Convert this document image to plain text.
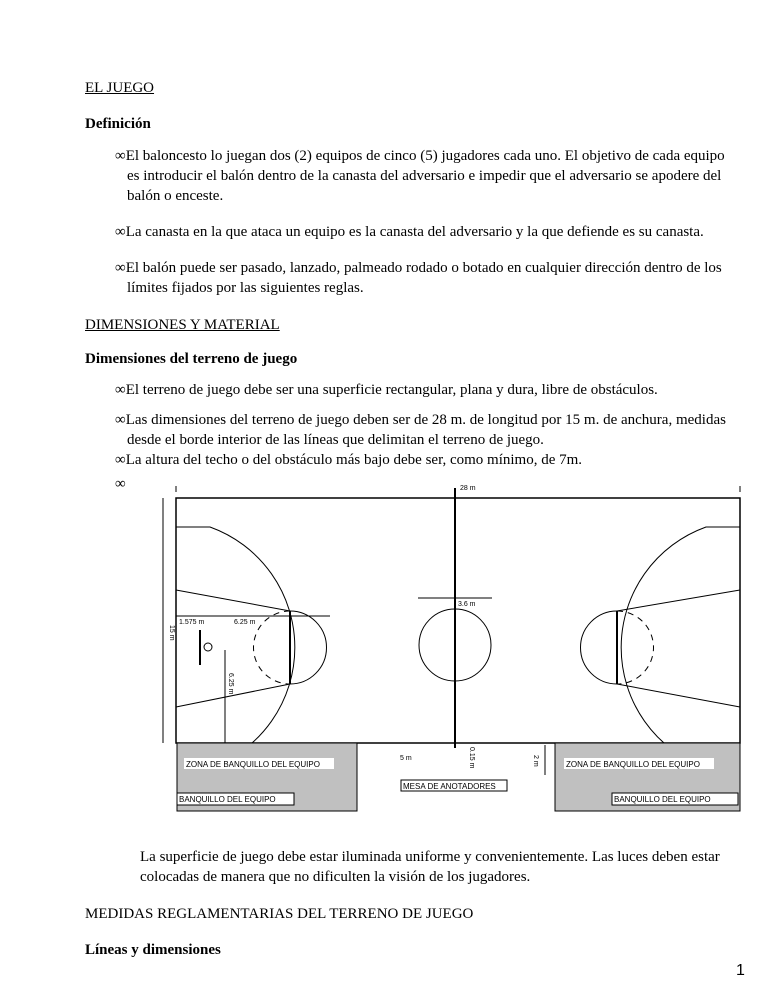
EL JUEGO
Definición
∞El baloncesto lo juegan dos (2) equipos de cinco (5) jugadores cada uno. El objetivo de cada equipo
es introducir el balón dentro de la canasta del adversario e impedir que el adversario se apodere del
balón o enceste.
∞La canasta en la que ataca un equipo es la canasta del adversario y la que defiende es su canasta.
∞El balón puede ser pasado, lanzado, palmeado rodado o botado en cualquier dirección dentro de los
límites fijados por las siguientes reglas.
DIMENSIONES Y MATERIAL
Dimensiones del terreno de juego
∞El terreno de juego debe ser una superficie rectangular, plana y dura, libre de obstáculos.
∞Las dimensiones del terreno de juego deben ser de 28 m. de longitud por 15 m. de anchura, medidas
desde el borde interior de las líneas que delimitan el terreno de juego.
∞La altura del techo o del obstáculo más bajo debe ser, como mínimo, de 7m.
∞	28 m
15 m
3.6 m
1.575 m	6.25 m
6.25 m
5 m	0.15 m	2 m
ZONA DE BANQUILLO DEL EQUIPO	ZONA DE BANQUILLO DEL EQUIPO
BANQUILLO DEL EQUIPO	BANQUILLO DEL EQUIPO
MESA DE ANOTADORES
La superficie de juego debe estar iluminada uniforme y convenientemente. Las luces deben estar
colocadas de manera que no dificulten la visión de los jugadores.
MEDIDAS REGLAMENTARIAS DEL TERRENO DE JUEGO
Líneas y dimensiones
1
